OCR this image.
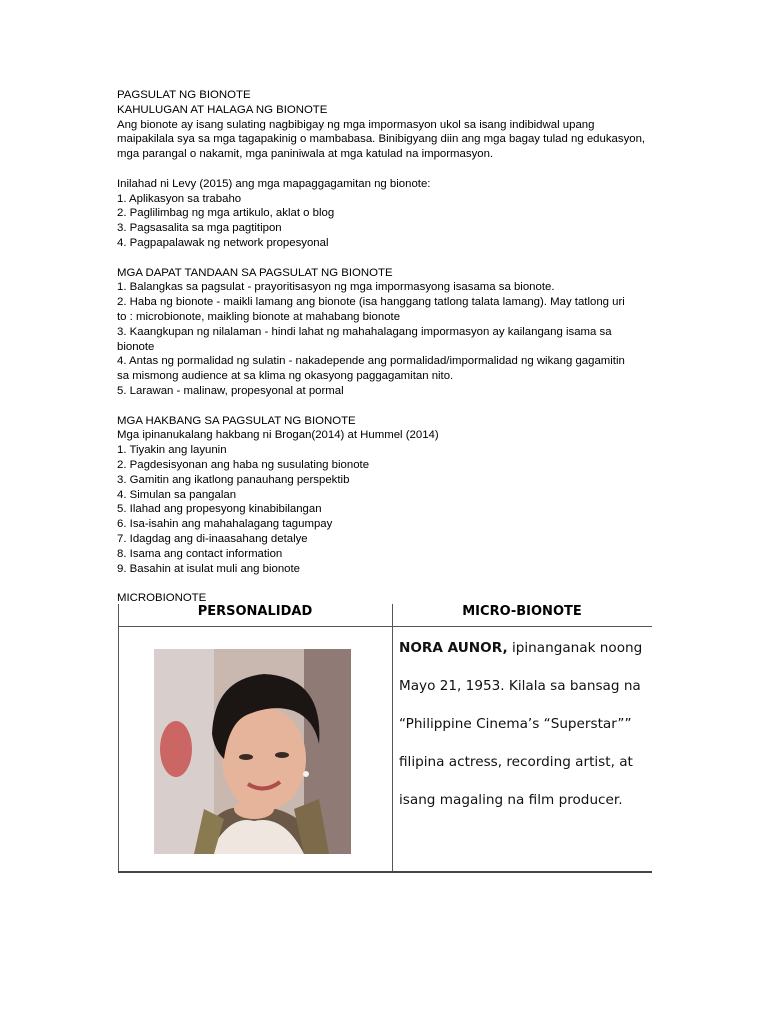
PAGSULAT NG BIONOTE
KAHULUGAN AT HALAGA NG BIONOTE
Ang bionote ay isang sulating nagbibigay ng mga impormasyon ukol sa isang indibidwal upang
maipakilala sya sa mga tagapakinig o mambabasa. Binibigyang diin ang mga bagay tulad ng edukasyon,
mga parangal o nakamit, mga paniniwala at mga katulad na impormasyon.
Inilahad ni Levy (2015) ang mga mapaggagamitan ng bionote:
1. Aplikasyon sa trabaho
2. Paglilimbag ng mga artikulo, aklat o blog
3. Pagsasalita sa mga pagtitipon
4. Pagpapalawak ng network propesyonal
MGA DAPAT TANDAAN SA PAGSULAT NG BIONOTE
1. Balangkas sa pagsulat - prayoritisasyon ng mga impormasyong isasama sa bionote.
2. Haba ng bionote - maikli lamang ang bionote (isa hanggang tatlong talata lamang). May tatlong uri
to : microbionote, maikling bionote at mahabang bionote
3. Kaangkupan ng nilalaman - hindi lahat ng mahahalagang impormasyon ay kailangang isama sa
bionote
4. Antas ng pormalidad ng sulatin - nakadepende ang pormalidad/impormalidad ng wikang gagamitin
sa mismong audience at sa klima ng okasyong paggagamitan nito.
5. Larawan - malinaw, propesyonal at pormal
MGA HAKBANG SA PAGSULAT NG BIONOTE
Mga ipinanukalang hakbang ni Brogan(2014) at Hummel (2014)
1. Tiyakin ang layunin
2. Pagdesisyonan ang haba ng susulating bionote
3. Gamitin ang ikatlong panauhang perspektib
4. Simulan sa pangalan
5. Ilahad ang propesyong kinabibilangan
6. Isa-isahin ang mahahalagang tagumpay
7. Idagdag ang di-inaasahang detalye
8. Isama ang contact information
9. Basahin at isulat muli ang bionote
MICROBIONOTE
PERSONALIDAD	MICRO-BIONOTE
NORA AUNOR, ipinanganak noong
Mayo 21, 1953. Kilala sa bansag na
“Philippine Cinema’s “Superstar””
filipina actress, recording artist, at
isang magaling na film producer.
